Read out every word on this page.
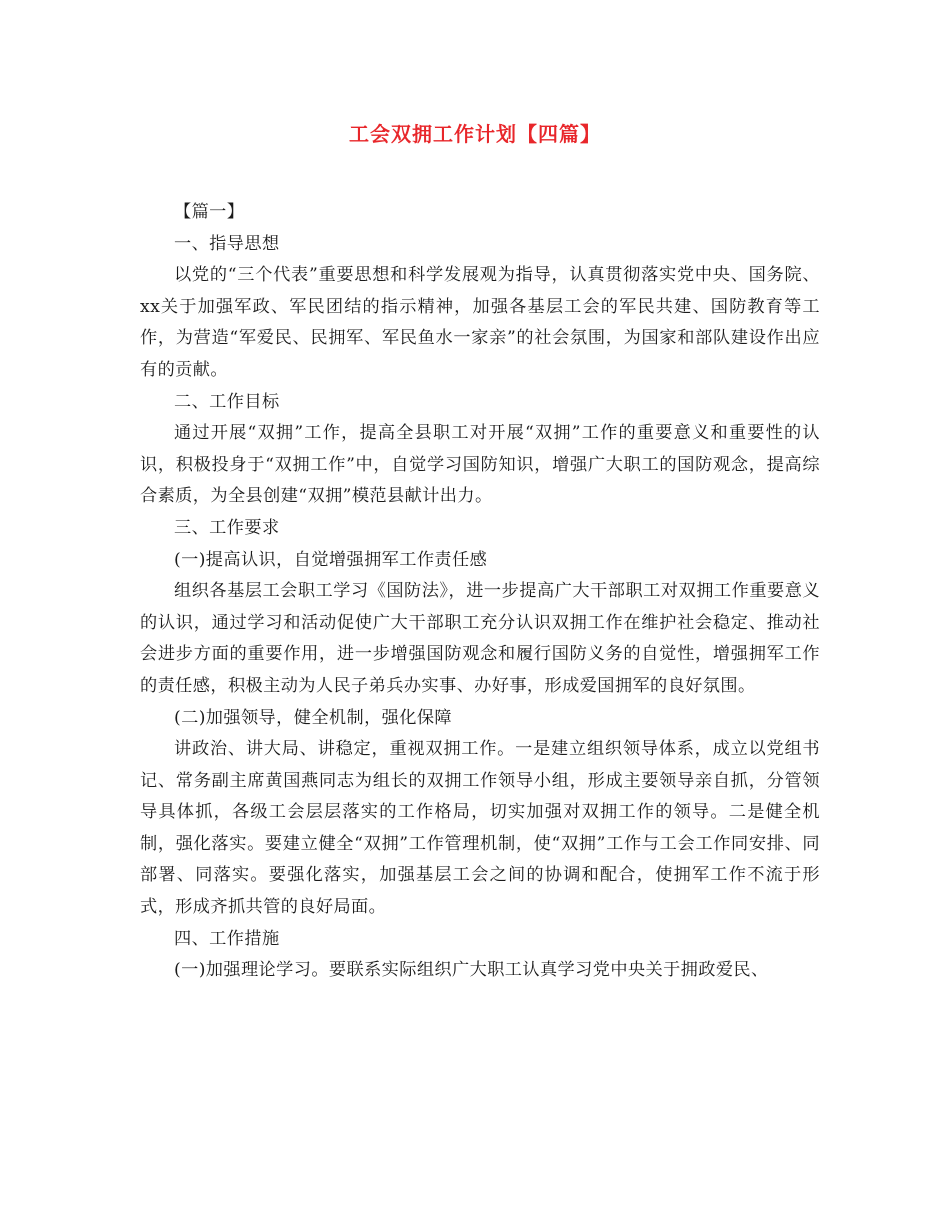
工会双拥工作计划【四篇】

【篇一】

一、指导思想

以党的“三个代表”重要思想和科学发展观为指导，认真贯彻落实党中央、国务院、xx关于加强军政、军民团结的指示精神，加强各基层工会的军民共建、国防教育等工作，为营造“军爱民、民拥军、军民鱼水一家亲”的社会氛围，为国家和部队建设作出应有的贡献。

二、工作目标

通过开展“双拥”工作，提高全县职工对开展“双拥”工作的重要意义和重要性的认识，积极投身于“双拥工作”中，自觉学习国防知识，增强广大职工的国防观念，提高综合素质，为全县创建“双拥”模范县献计出力。

三、工作要求

(一)提高认识，自觉增强拥军工作责任感

组织各基层工会职工学习《国防法》，进一步提高广大干部职工对双拥工作重要意义的认识，通过学习和活动促使广大干部职工充分认识双拥工作在维护社会稳定、推动社会进步方面的重要作用，进一步增强国防观念和履行国防义务的自觉性，增强拥军工作的责任感，积极主动为人民子弟兵办实事、办好事，形成爱国拥军的良好氛围。

(二)加强领导，健全机制，强化保障

讲政治、讲大局、讲稳定，重视双拥工作。一是建立组织领导体系，成立以党组书记、常务副主席黄国燕同志为组长的双拥工作领导小组，形成主要领导亲自抓，分管领导具体抓，各级工会层层落实的工作格局，切实加强对双拥工作的领导。二是健全机制，强化落实。要建立健全“双拥”工作管理机制，使“双拥”工作与工会工作同安排、同部署、同落实。要强化落实，加强基层工会之间的协调和配合，使拥军工作不流于形式，形成齐抓共管的良好局面。

四、工作措施

(一)加强理论学习。要联系实际组织广大职工认真学习党中央关于拥政爱民、
